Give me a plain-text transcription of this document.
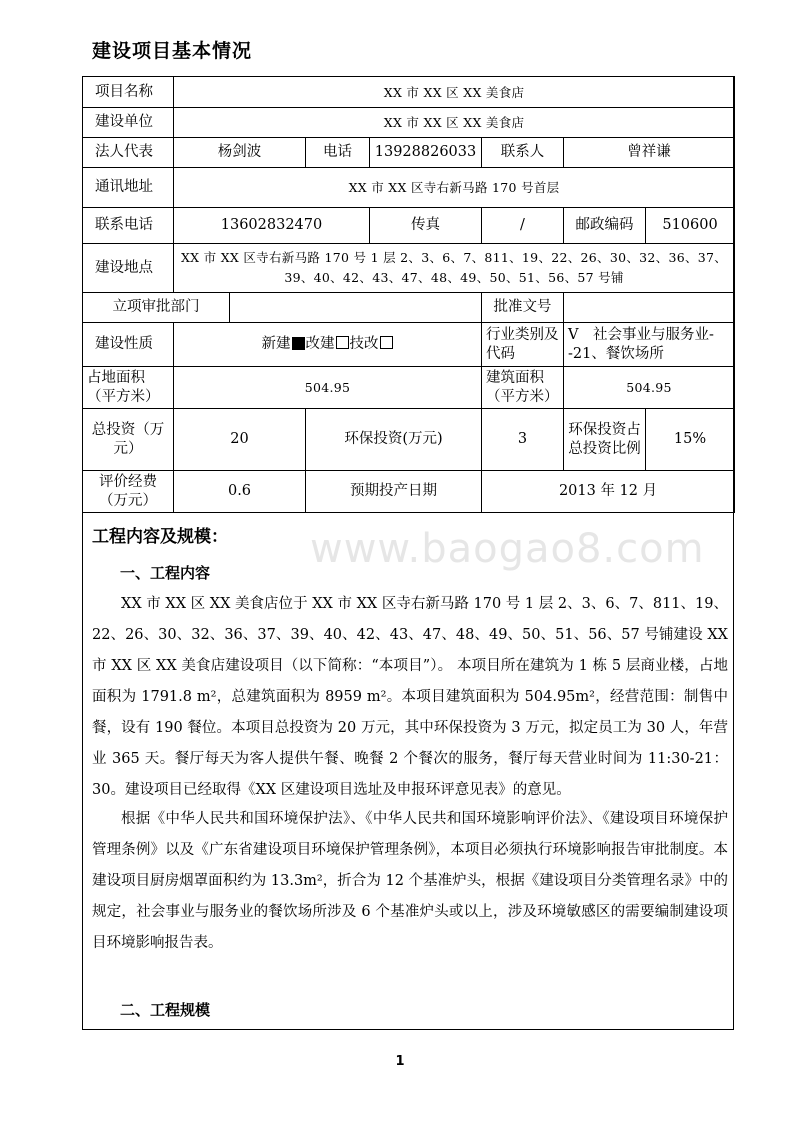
建设项目基本情况
项目名称	XX 市 XX 区 XX 美食店						
建设单位	XX 市 XX 区 XX 美食店						
法人代表	杨剑波		电话	13928826033	联系人	曾祥谦	
通讯地址	XX 市 XX 区寺右新马路 170 号首层						
联系电话	13602832470			传真	/	邮政编码	510600
建设地点	XX 市 XX 区寺右新马路 170 号 1 层 2、3、6、7、811、19、22、26、30、32、36、37、39、40、42、43、47、48、49、50、51、56、57 号铺						
立项审批部门					批准文号		
建设性质	新建 改建 技改				行业类别及代码	V　社会事业与服务业--21、餐饮场所	
占地面积（平方米）	504.95				建筑面积（平方米）	504.95	
总投资（万元）	20		环保投资(万元)		3	环保投资占总投资比例	15%
评价经费（万元）	0.6		预期投产日期		2013 年 12 月		
www.baogao8.com
工程内容及规模：
一、工程内容

XX 市 XX 区 XX 美食店位于 XX 市 XX 区寺右新马路 170 号 1 层 2、3、6、7、811、19、22、26、30、32、36、37、39、40、42、43、47、48、49、50、51、56、57 号铺建设 XX 市 XX 区 XX 美食店建设项目（以下简称：“本项目”）。 本项目所在建筑为 1 栋 5 层商业楼，占地面积为 1791.8 m²，总建筑面积为 8959 m²。本项目建筑面积为 504.95m²，经营范围：制售中餐，设有 190 餐位。本项目总投资为 20 万元，其中环保投资为 3 万元，拟定员工为 30 人，年营业 365 天。餐厅每天为客人提供午餐、晚餐 2 个餐次的服务，餐厅每天营业时间为 11:30-21：30。建设项目已经取得《XX 区建设项目选址及申报环评意见表》的意见。

根据《中华人民共和国环境保护法》、《中华人民共和国环境影响评价法》、《建设项目环境保护管理条例》以及《广东省建设项目环境保护管理条例》，本项目必须执行环境影响报告审批制度。本建设项目厨房烟罩面积约为 13.3m²，折合为 12 个基准炉头，根据《建设项目分类管理名录》中的规定，社会事业与服务业的餐饮场所涉及 6 个基准炉头或以上，涉及环境敏感区的需要编制建设项目环境影响报告表。

二、工程规模
1
